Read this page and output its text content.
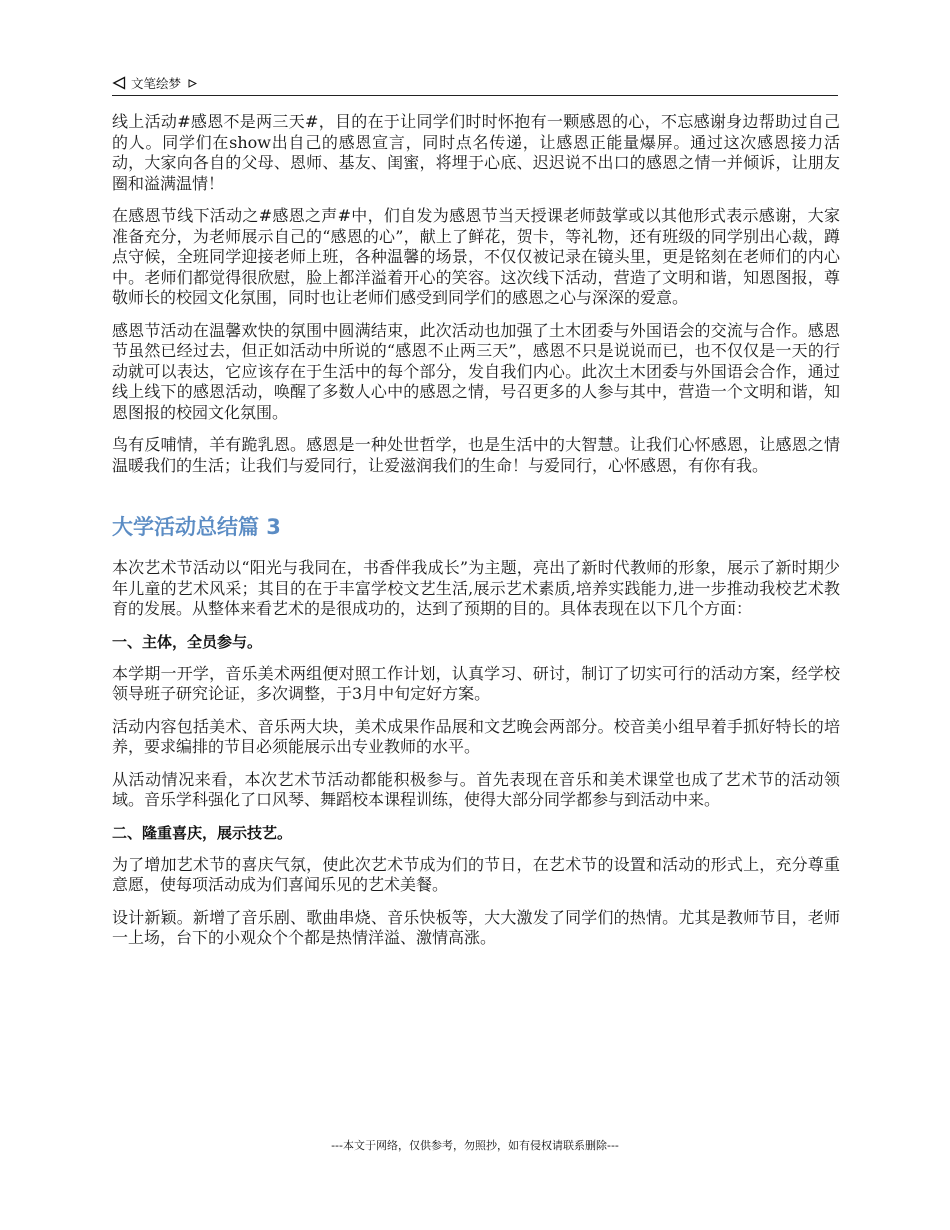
文笔绘梦

线上活动#感恩不是两三天#，目的在于让同学们时时怀抱有一颗感恩的心，不忘感谢身边帮助过自己的人。同学们在show出自己的感恩宣言，同时点名传递，让感恩正能量爆屏。通过这次感恩接力活动，大家向各自的父母、恩师、基友、闺蜜，将埋于心底、迟迟说不出口的感恩之情一并倾诉，让朋友圈和溢满温情！

在感恩节线下活动之#感恩之声#中，们自发为感恩节当天授课老师鼓掌或以其他形式表示感谢，大家准备充分，为老师展示自己的“感恩的心”，献上了鲜花，贺卡，等礼物，还有班级的同学别出心裁，蹲点守候，全班同学迎接老师上班，各种温馨的场景，不仅仅被记录在镜头里，更是铭刻在老师们的内心中。老师们都觉得很欣慰，脸上都洋溢着开心的笑容。这次线下活动，营造了文明和谐，知恩图报，尊敬师长的校园文化氛围，同时也让老师们感受到同学们的感恩之心与深深的爱意。

感恩节活动在温馨欢快的氛围中圆满结束，此次活动也加强了土木团委与外国语会的交流与合作。感恩节虽然已经过去，但正如活动中所说的“感恩不止两三天”，感恩不只是说说而已，也不仅仅是一天的行动就可以表达，它应该存在于生活中的每个部分，发自我们内心。此次土木团委与外国语会合作，通过线上线下的感恩活动，唤醒了多数人心中的感恩之情，号召更多的人参与其中，营造一个文明和谐，知恩图报的校园文化氛围。

鸟有反哺情，羊有跪乳恩。感恩是一种处世哲学，也是生活中的大智慧。让我们心怀感恩，让感恩之情温暖我们的生活；让我们与爱同行，让爱滋润我们的生命！与爱同行，心怀感恩，有你有我。

大学活动总结篇 3

本次艺术节活动以“阳光与我同在，书香伴我成长”为主题，亮出了新时代教师的形象，展示了新时期少年儿童的艺术风采；其目的在于丰富学校文艺生活,展示艺术素质,培养实践能力,进一步推动我校艺术教育的发展。从整体来看艺术的是很成功的，达到了预期的目的。具体表现在以下几个方面：

一、主体，全员参与。

本学期一开学，音乐美术两组便对照工作计划，认真学习、研讨，制订了切实可行的活动方案，经学校领导班子研究论证，多次调整，于3月中旬定好方案。

活动内容包括美术、音乐两大块，美术成果作品展和文艺晚会两部分。校音美小组早着手抓好特长的培养，要求编排的节目必须能展示出专业教师的水平。

从活动情况来看，本次艺术节活动都能积极参与。首先表现在音乐和美术课堂也成了艺术节的活动领域。音乐学科强化了口风琴、舞蹈校本课程训练，使得大部分同学都参与到活动中来。

二、隆重喜庆，展示技艺。

为了增加艺术节的喜庆气氛，使此次艺术节成为们的节日，在艺术节的设置和活动的形式上，充分尊重意愿，使每项活动成为们喜闻乐见的艺术美餐。

设计新颖。新增了音乐剧、歌曲串烧、音乐快板等，大大激发了同学们的热情。尤其是教师节目，老师一上场，台下的小观众个个都是热情洋溢、激情高涨。

---本文于网络，仅供参考，勿照抄，如有侵权请联系删除---
